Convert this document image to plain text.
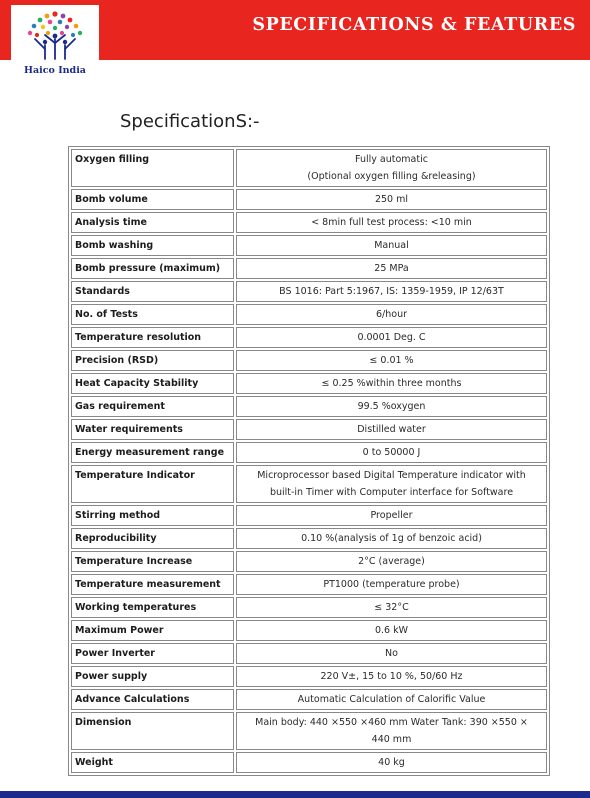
SPECIFICATIONS & FEATURES
Haico India
SpecificationS:-
Oxygen filling	Fully automatic
(Optional oxygen filling &releasing)

Bomb volume	250 ml

Analysis time	< 8min full test process: <10 min

Bomb washing	Manual

Bomb pressure (maximum)	25 MPa

Standards	BS 1016: Part 5:1967, IS: 1359-1959, IP 12/63T

No. of Tests	6/hour

Temperature resolution	0.0001 Deg. C

Precision (RSD)	≤ 0.01 %

Heat Capacity Stability	≤ 0.25 %within three months

Gas requirement	99.5 %oxygen

Water requirements	Distilled water

Energy measurement range	0 to 50000 J

Temperature Indicator	Microprocessor based Digital Temperature indicator with
built-in Timer with Computer interface for Software

Stirring method	Propeller

Reproducibility	0.10 %(analysis of 1g of benzoic acid)

Temperature Increase	2°C (average)

Temperature measurement	PT1000 (temperature probe)

Working temperatures	≤ 32°C

Maximum Power	0.6 kW

Power Inverter	No

Power supply	220 V±, 15 to 10 %, 50/60 Hz

Advance Calculations	Automatic Calculation of Calorific Value

Dimension	Main body: 440 ×550 ×460 mm Water Tank: 390 ×550 ×
440 mm

Weight	40 kg
